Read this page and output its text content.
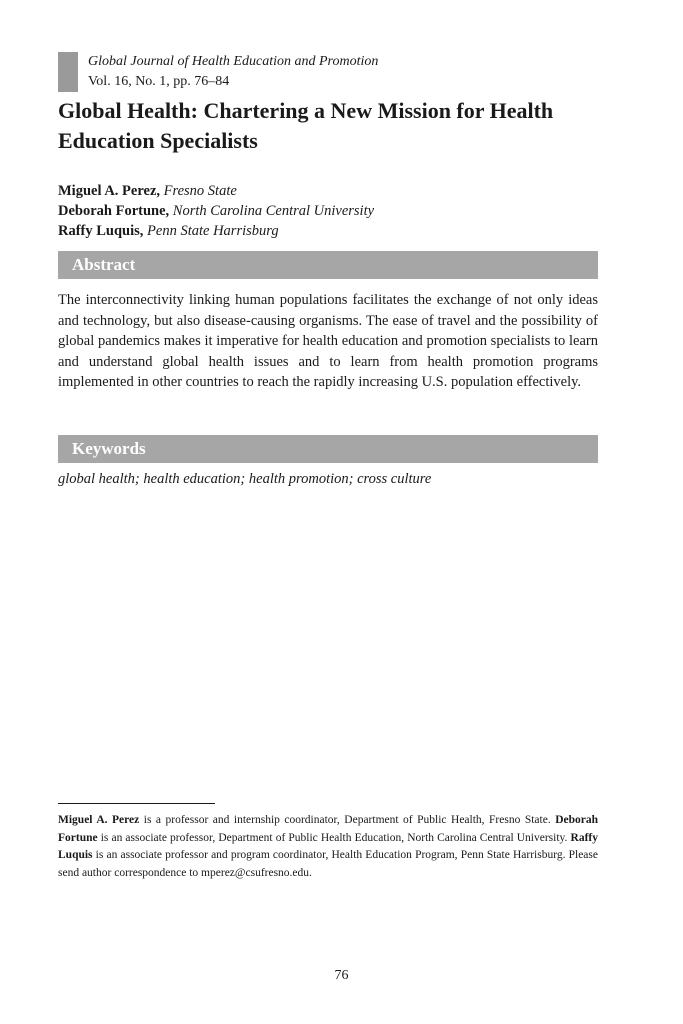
Global Journal of Health Education and Promotion
Vol. 16, No. 1, pp. 76–84
Global Health: Chartering a New Mission for Health Education Specialists
Miguel A. Perez, Fresno State
Deborah Fortune, North Carolina Central University
Raffy Luquis, Penn State Harrisburg
Abstract

The interconnectivity linking human populations facilitates the exchange of not only ideas and technology, but also disease-causing organisms. The ease of travel and the possibility of global pandemics makes it imperative for health education and promotion specialists to learn and understand global health issues and to learn from health promotion programs implemented in other countries to reach the rapidly increasing U.S. population effectively.

Keywords

global health; health education; health promotion; cross culture

Miguel A. Perez is a professor and internship coordinator, Department of Public Health, Fresno State. Deborah Fortune is an associate professor, Department of Public Health Education, North Carolina Central University. Raffy Luquis is an associate professor and program coordinator, Health Education Program, Penn State Harrisburg. Please send author correspondence to mperez@csufresno.edu.

76
